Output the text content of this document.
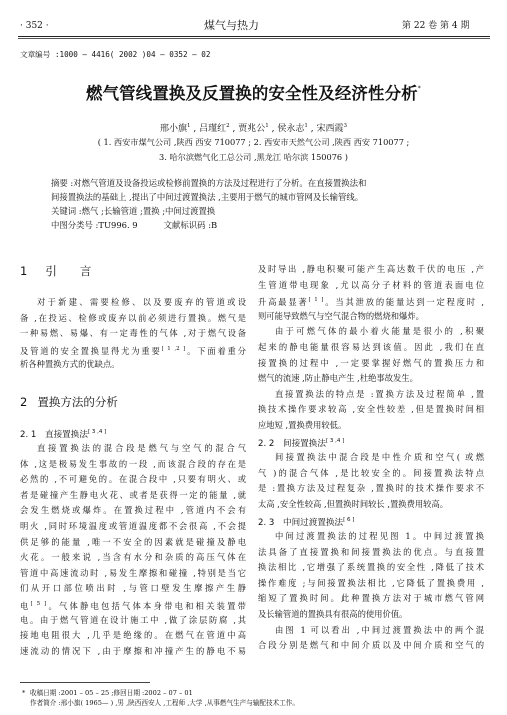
· 352 ·	煤气与热力	第 22 卷 第 4 期
文章编号 :1000 – 4416( 2002 )04 – 0352 – 02
燃气管线置换及反置换的安全性及经济性分析*
邢小旗$^1$ , 吕瑾红$^2$ , 贾兆公$^1$ , 侯永志$^1$ , 宋西霞$^3$
( 1. 西安市煤气公司 ,陕西 西安 710077 ; 2. 西安市天然气公司 ,陕西 西安 710077 ;
3. 哈尔滨燃气化工总公司 ,黑龙江 哈尔滨 150076 )
摘要 :对燃气管道及设备投运或检修前置换的方法及过程进行了分析。在直接置换法和
间接置换法的基础上 ,提出了中间过渡置换法 ,主要用于燃气的城市管网及长输管线。
关键词 :燃气 ;长输管道 ;置换 ;中间过渡置换
中图分类号 :TU996. 9	文献标识码 :B
1 引　　言
对于新建、需要检修、以及要废弃的管道或设
备 ,在投运、检修或废弃以前必须进行置换。燃气是
一种易燃、易爆、有一定毒性的气体 ,对于燃气设备
及管道的安全置换显得尤为重要[ 1 ,2 ]。下面着重分
析各种置换方式的优缺点。
2 置换方法的分析
2. 1　直接置换法[ 3 ,4 ]
直接置换法的混合段是燃气与空气的混合气
体 ,这是极易发生事故的一段 ,而该混合段的存在是
必然的 ,不可避免的。在混合段中 ,只要有明火、或
者是碰撞产生静电火花、或者是获得一定的能量 ,就
会发生燃烧或爆炸。在置换过程中 ,管道内不会有
明火 ,同时环境温度或管道温度都不会很高 ,不会提
供足够的能量 ,唯一不安全的因素就是碰撞及静电
火花。一般来说 ,当含有水分和杂质的高压气体在
管道中高速流动时 ,易发生摩擦和碰撞 ,特别是当它
们从开口部位喷出时 ,与管口壁发生摩擦产生静
电[ 5 ]。气体静电包括气体本身带电和相关装置带
电。由于燃气管道在设计施工中 ,做了涂层防腐 ,其
接地电阻很大 ,几乎是绝缘的。在燃气在管道中高
速流动的情况下 ,由于摩擦和冲撞产生的静电不易
及时导出 ,静电积聚可能产生高达数千伏的电压 ,产
生管道带电现象 ,尤以高分子材料的管道表面电位
升高最显著[ 1 ]。当其泄放的能量达到一定程度时 ,
则可能导致燃气与空气混合物的燃烧和爆炸。
由于可燃气体的最小着火能量是很小的 ,积聚
起来的静电能量很容易达到该值。因此 ,我们在直
接置换的过程中 ,一定要掌握好燃气的置换压力和
燃气的流速 ,防止静电产生 ,杜绝事故发生。
直接置换法的特点是 :置换方法及过程简单 ,置
换技术操作要求较高 ,安全性较差 ,但是置换时间相
应地短 ,置换费用较低。
2. 2　间接置换法[ 3 ,4 ]
间接置换法中混合段是中性介质和空气( 或燃
气 )的混合气体 ,是比较安全的。间接置换法特点
是 :置换方法及过程复杂 ,置换时的技术操作要求不
太高 ,安全性较高 ,但置换时间较长 ,置换费用较高。
2. 3　中间过渡置换法[ 6 ]
中间过渡置换法的过程见图 1。中间过渡置换
法具备了直接置换和间接置换法的优点。与直接置
换法相比 ,它增强了系统置换的安全性 ,降低了技术
操作难度 ;与间接置换法相比 ,它降低了置换费用 ,
缩短了置换时间。此种置换方法对于城市燃气管网
及长输管道的置换具有很高的使用价值。
由图 1 可以看出 ,中间过渡置换法中的两个混
合段分别是燃气和中间介质以及中间介质和空气的
* 收稿日期 :2001 – 05 – 25 ;修回日期 :2002 – 07 – 01
作者简介 :邢小旗( 1965— ) ,男 ,陕西西安人 ,工程师 ,大学 ,从事燃气生产与输配技术工作。
